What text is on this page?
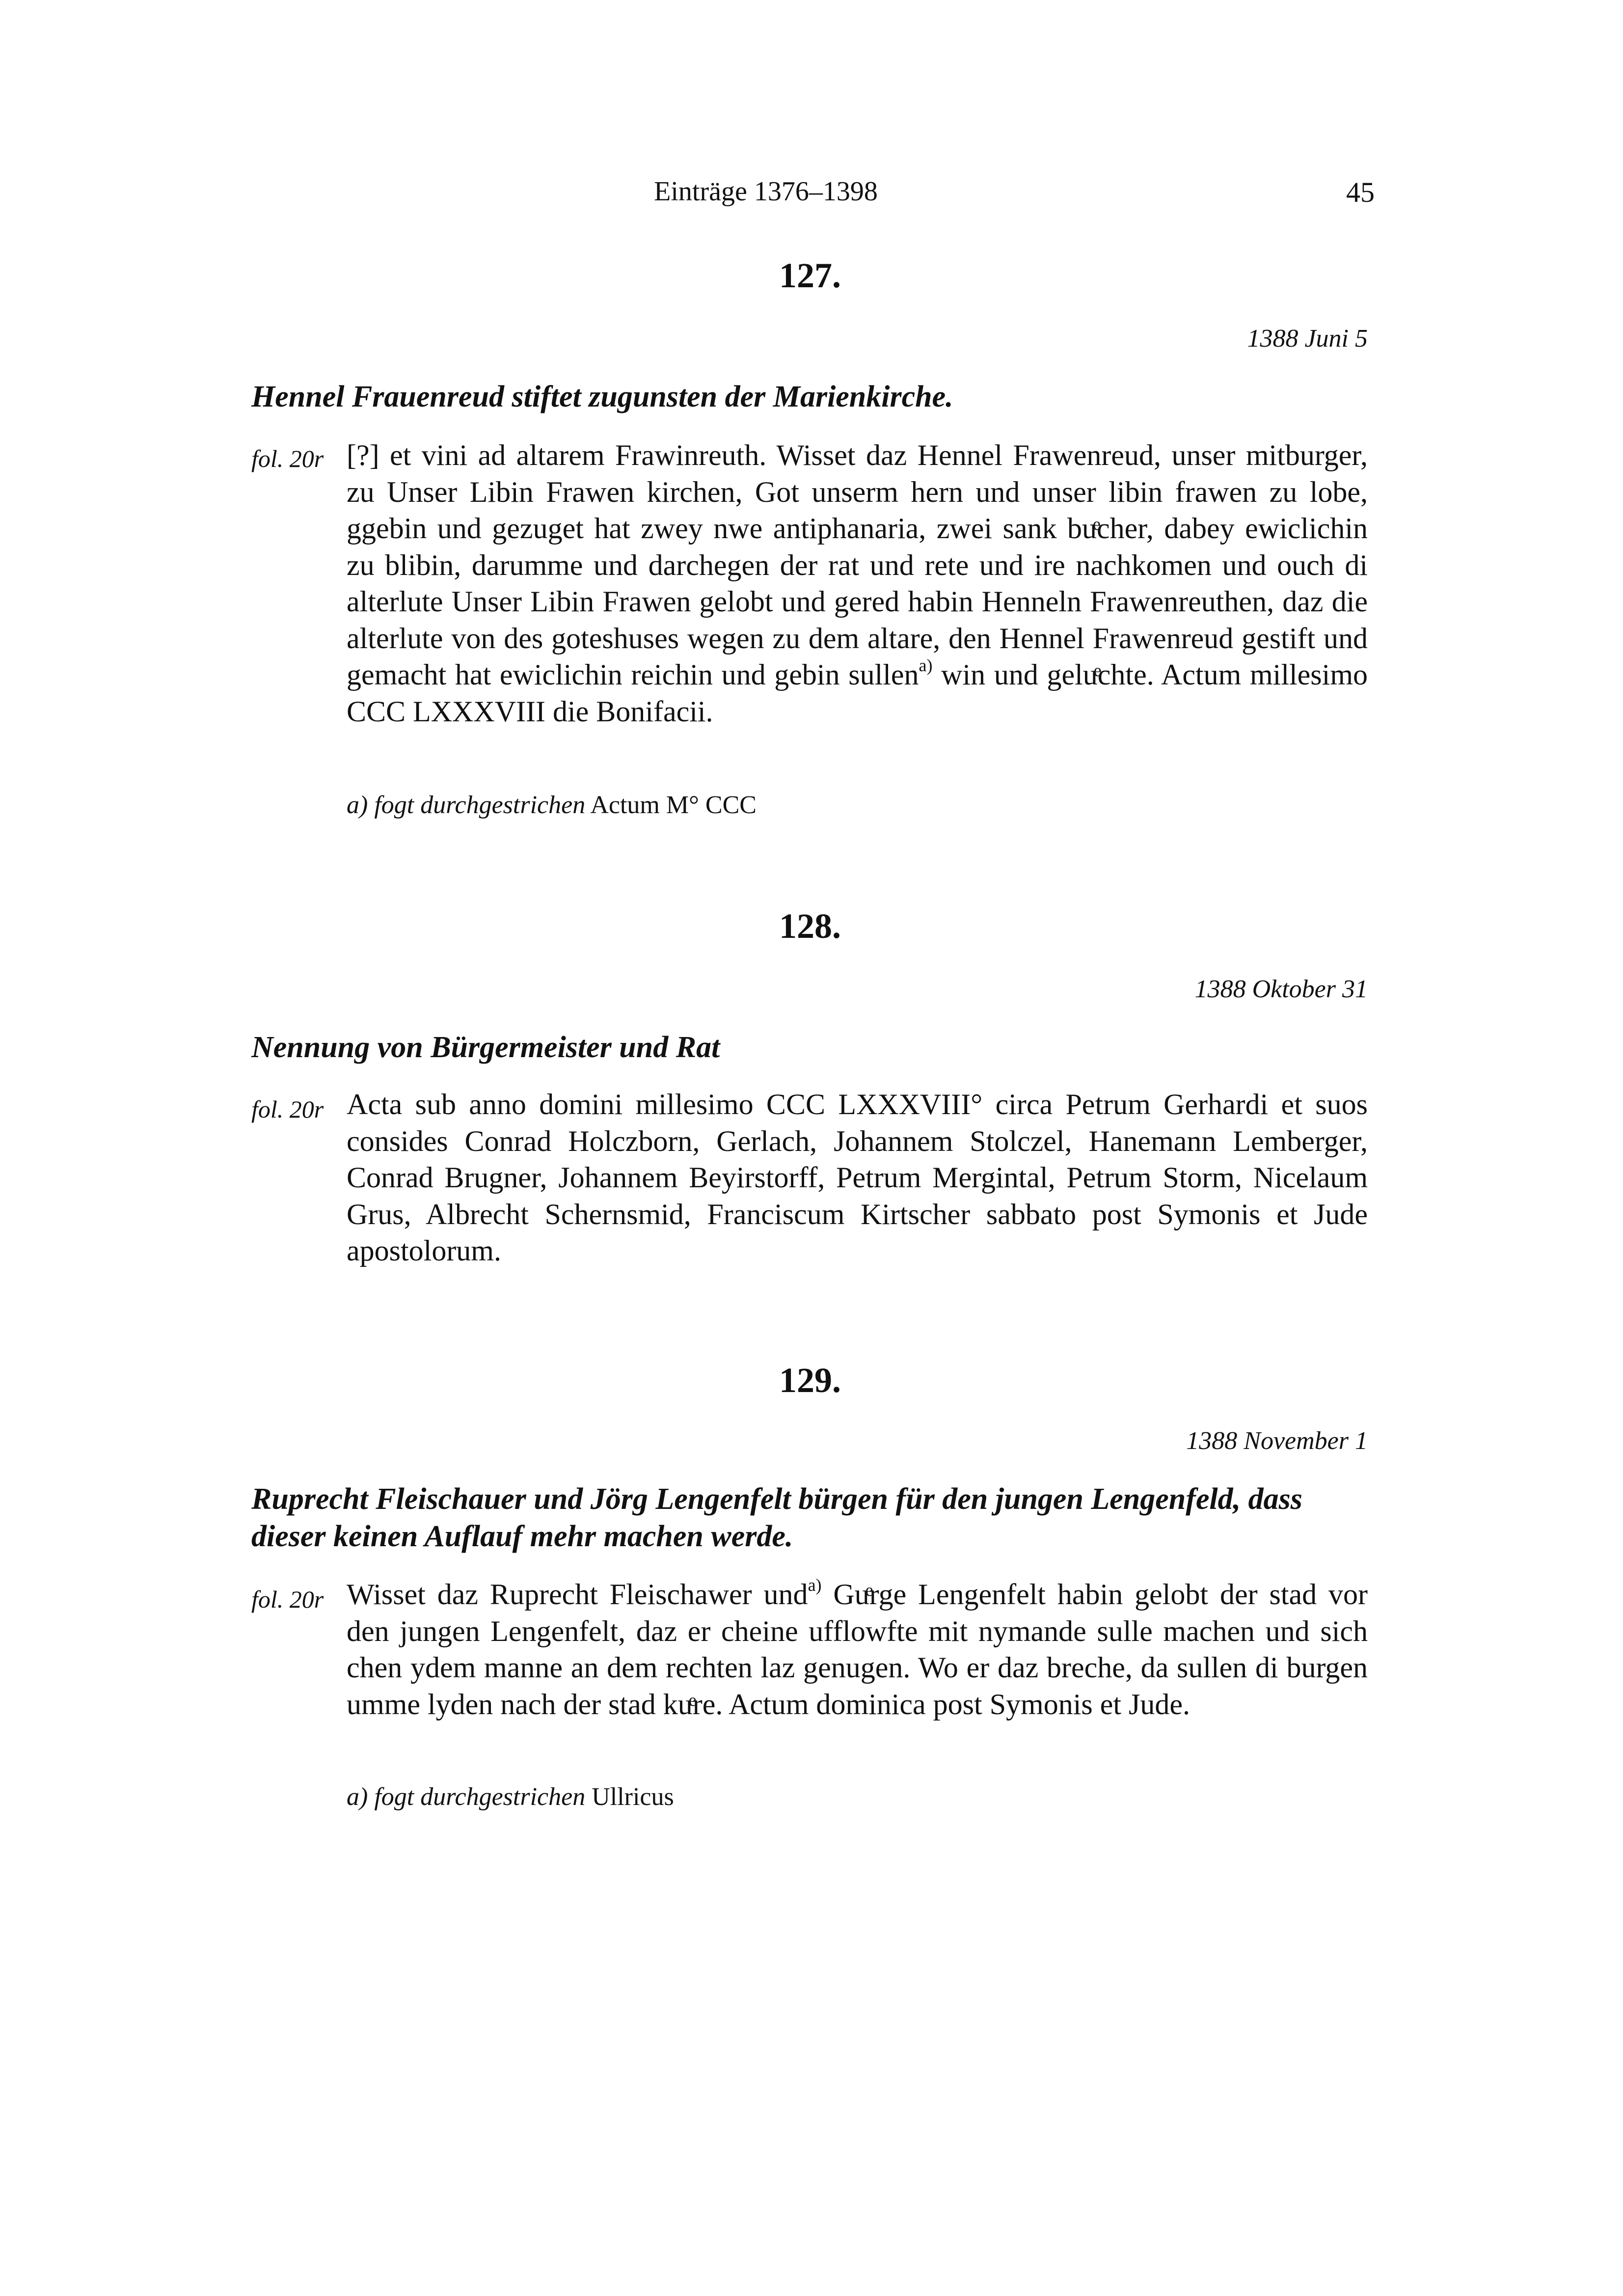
Einträge 1376–1398	45
127.
1388 Juni 5
Hennel Frauenreud stiftet zugunsten der Marienkirche.
fol. 20r [?] et vini ad altarem Frawinreuth. Wisset daz Hennel Frawenreud, unser mitburger, zu Unser Libin Frawen kirchen, Got unserm hern und unser libin frawen zu lobe, ggebin und gezuget hat zwey nwe antiphanaria, zwei sank buͤcher, dabey ewiclichin zu blibin, darumme und darchegen der rat und rete und ire nachkomen und ouch di alterlute Unser Libin Frawen gelobt und gered habin Henneln Frawenreuthen, daz die alterlute von des goteshuses wegen zu dem altare, den Hennel Frawenreud gestift und gemacht hat ewiclichin reichin und gebin sullen$^{a)}$ win und geluͤchte. Actum millesimo CCC LXXXVIII die Bonifacii.
a) fogt durchgestrichen Actum M° CCC
128.
1388 Oktober 31
Nennung von Bürgermeister und Rat
fol. 20r Acta sub anno domini millesimo CCC LXXXVIII° circa Petrum Gerhardi et suos consides Conrad Holczborn, Gerlach, Johannem Stolczel, Hanemann Lemberger, Conrad Brugner, Johannem Beyirstorff, Petrum Mergintal, Petrum Storm, Nicelaum Grus, Albrecht Schernsmid, Franciscum Kirtscher sabbato post Symonis et Jude apostolorum.
129.
1388 November 1
Ruprecht Fleischauer und Jörg Lengenfelt bürgen für den jungen Lengenfeld, dass dieser keinen Auflauf mehr machen werde.
fol. 20r Wisset daz Ruprecht Fleischawer und$^{a)}$ Guͤrge Lengenfelt habin gelobt der stad vor den jungen Lengenfelt, daz er cheine ufflowfte mit nymande sulle machen und sich chen ydem manne an dem rechten laz genugen. Wo er daz breche, da sullen di burgen umme lyden nach der stad kuͤre. Actum dominica post Symonis et Jude.
a) fogt durchgestrichen Ullricus
